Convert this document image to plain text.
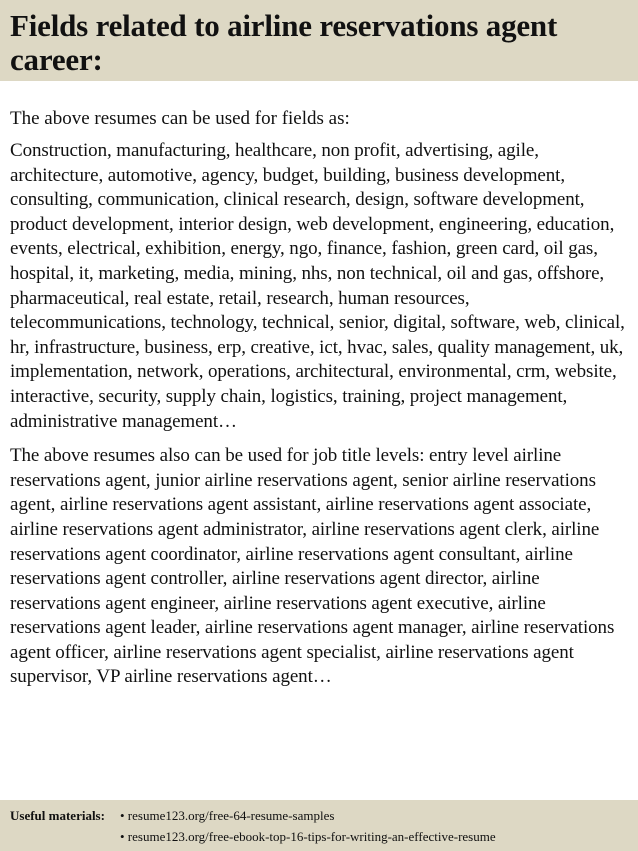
Fields related to airline reservations agent career:

The above resumes can be used for fields as:

Construction, manufacturing, healthcare, non profit, advertising, agile, architecture, automotive, agency, budget, building, business development, consulting, communication, clinical research, design, software development, product development, interior design, web development, engineering, education, events, electrical, exhibition, energy, ngo, finance, fashion, green card, oil gas, hospital, it, marketing, media, mining, nhs, non technical, oil and gas, offshore, pharmaceutical, real estate, retail, research, human resources, telecommunications, technology, technical, senior, digital, software, web, clinical, hr, infrastructure, business, erp, creative, ict, hvac, sales, quality management, uk, implementation, network, operations, architectural, environmental, crm, website, interactive, security, supply chain, logistics, training, project management, administrative management…

The above resumes also can be used for job title levels: entry level airline reservations agent, junior airline reservations agent, senior airline reservations agent, airline reservations agent assistant, airline reservations agent associate, airline reservations agent administrator, airline reservations agent clerk, airline reservations agent coordinator, airline reservations agent consultant, airline reservations agent controller, airline reservations agent director, airline reservations agent engineer, airline reservations agent executive, airline reservations agent leader, airline reservations agent manager, airline reservations agent officer, airline reservations agent specialist, airline reservations agent supervisor, VP airline reservations agent…

Useful materials:	• resume123.org/free-64-resume-samples
• resume123.org/free-ebook-top-16-tips-for-writing-an-effective-resume
